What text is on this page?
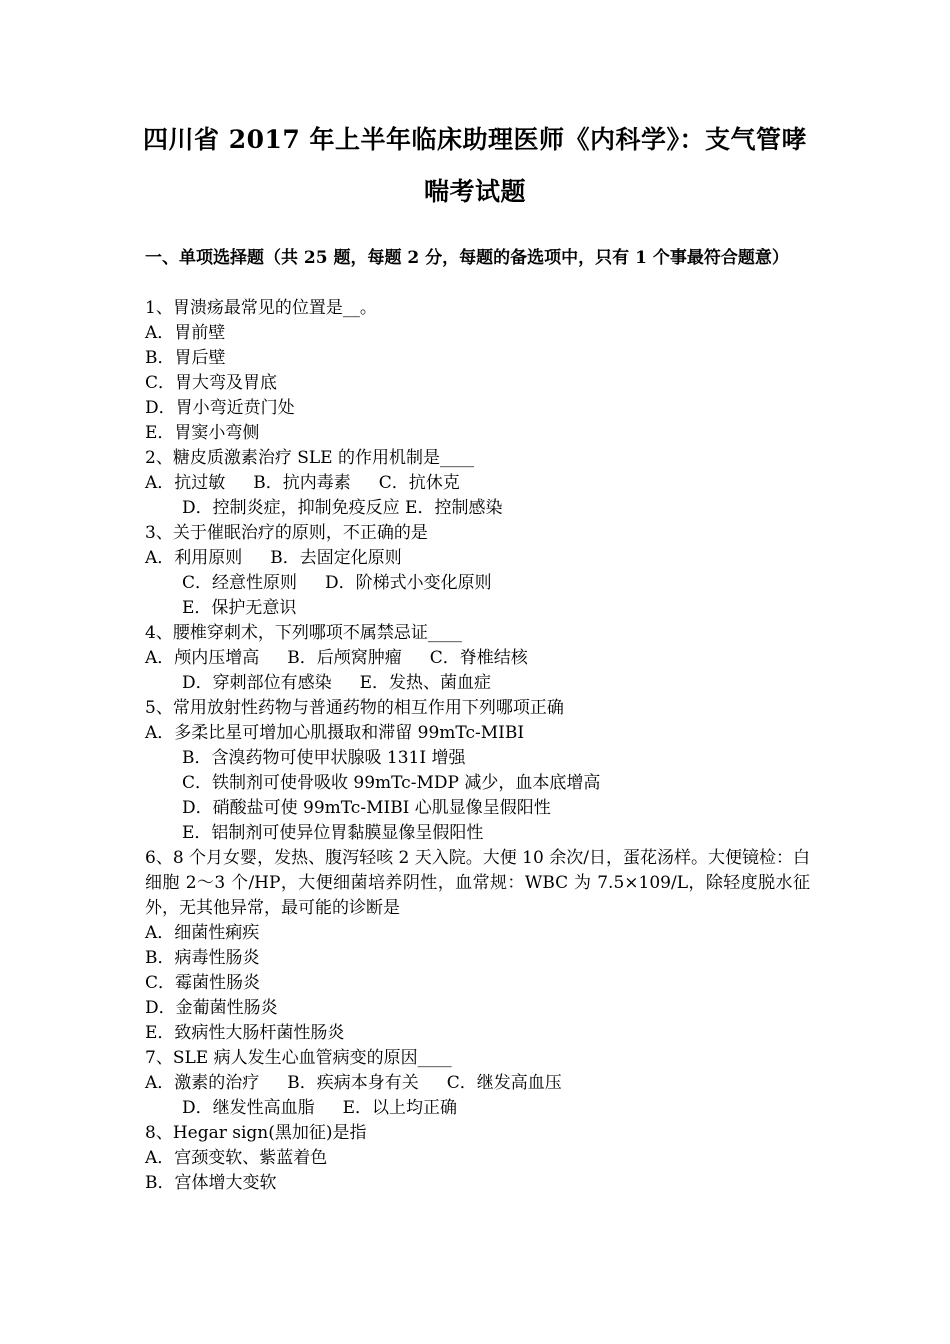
四川省 2017 年上半年临床助理医师《内科学》：支气管哮
喘考试题

一、单项选择题（共 25 题，每题 2 分，每题的备选项中，只有 1 个事最符合题意）

1、胃溃疡最常见的位置是__。
A．胃前壁
B．胃后壁
C．胃大弯及胃底
D．胃小弯近贲门处
E．胃窦小弯侧
2、糖皮质激素治疗 SLE 的作用机制是____
A．抗过敏 B．抗内毒素 C．抗休克
D．控制炎症，抑制免疫反应 E．控制感染
3、关于催眠治疗的原则，不正确的是
A．利用原则 B．去固定化原则
C．经意性原则 D．阶梯式小变化原则
E．保护无意识
4、腰椎穿刺术，下列哪项不属禁忌证____
A．颅内压增高 B．后颅窝肿瘤 C．脊椎结核
D．穿刺部位有感染 E．发热、菌血症
5、常用放射性药物与普通药物的相互作用下列哪项正确
A．多柔比星可增加心肌摄取和滞留 99mTc-MIBI
B．含溴药物可使甲状腺吸 131I 增强
C．铁制剂可使骨吸收 99mTc-MDP 减少，血本底增高
D．硝酸盐可使 99mTc-MIBI 心肌显像呈假阳性
E．铝制剂可使异位胃黏膜显像呈假阳性
6、8 个月女婴，发热、腹泻轻咳 2 天入院。大便 10 余次/日，蛋花汤样。大便镜检：白细胞 2～3 个/HP，大便细菌培养阴性，血常规：WBC 为 7.5×109/L，除轻度脱水征外，无其他异常，最可能的诊断是
A．细菌性痢疾
B．病毒性肠炎
C．霉菌性肠炎
D．金葡菌性肠炎
E．致病性大肠杆菌性肠炎
7、SLE 病人发生心血管病变的原因____
A．激素的治疗 B．疾病本身有关 C．继发高血压
D．继发性高血脂 E．以上均正确
8、Hegar sign(黑加征)是指
A．宫颈变软、紫蓝着色
B．宫体增大变软
